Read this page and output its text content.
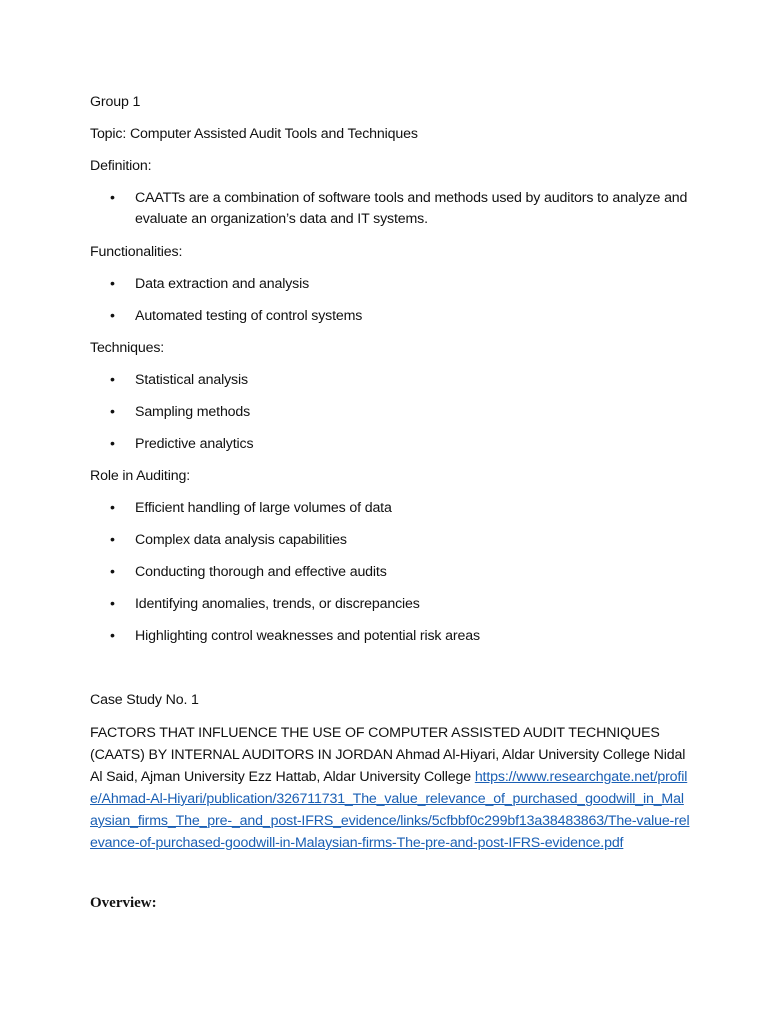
Group 1
Topic: Computer Assisted Audit Tools and Techniques
Definition:
• CAATTs are a combination of software tools and methods used by auditors to analyze and evaluate an organization’s data and IT systems.
Functionalities:
• Data extraction and analysis
• Automated testing of control systems
Techniques:
• Statistical analysis
• Sampling methods
• Predictive analytics
Role in Auditing:
• Efficient handling of large volumes of data
• Complex data analysis capabilities
• Conducting thorough and effective audits
• Identifying anomalies, trends, or discrepancies
• Highlighting control weaknesses and potential risk areas
Case Study No. 1
FACTORS THAT INFLUENCE THE USE OF COMPUTER ASSISTED AUDIT TECHNIQUES (CAATS) BY INTERNAL AUDITORS IN JORDAN Ahmad Al-Hiyari, Aldar University College Nidal Al Said, Ajman University Ezz Hattab, Aldar University College https://www.researchgate.net/profile/Ahmad-Al-Hiyari/publication/326711731_The_value_relevance_of_purchased_goodwill_in_Malaysian_firms_The_pre-_and_post-IFRS_evidence/links/5cfbbf0c299bf13a38483863/The-value-relevance-of-purchased-goodwill-in-Malaysian-firms-The-pre-and-post-IFRS-evidence.pdf
Overview:
